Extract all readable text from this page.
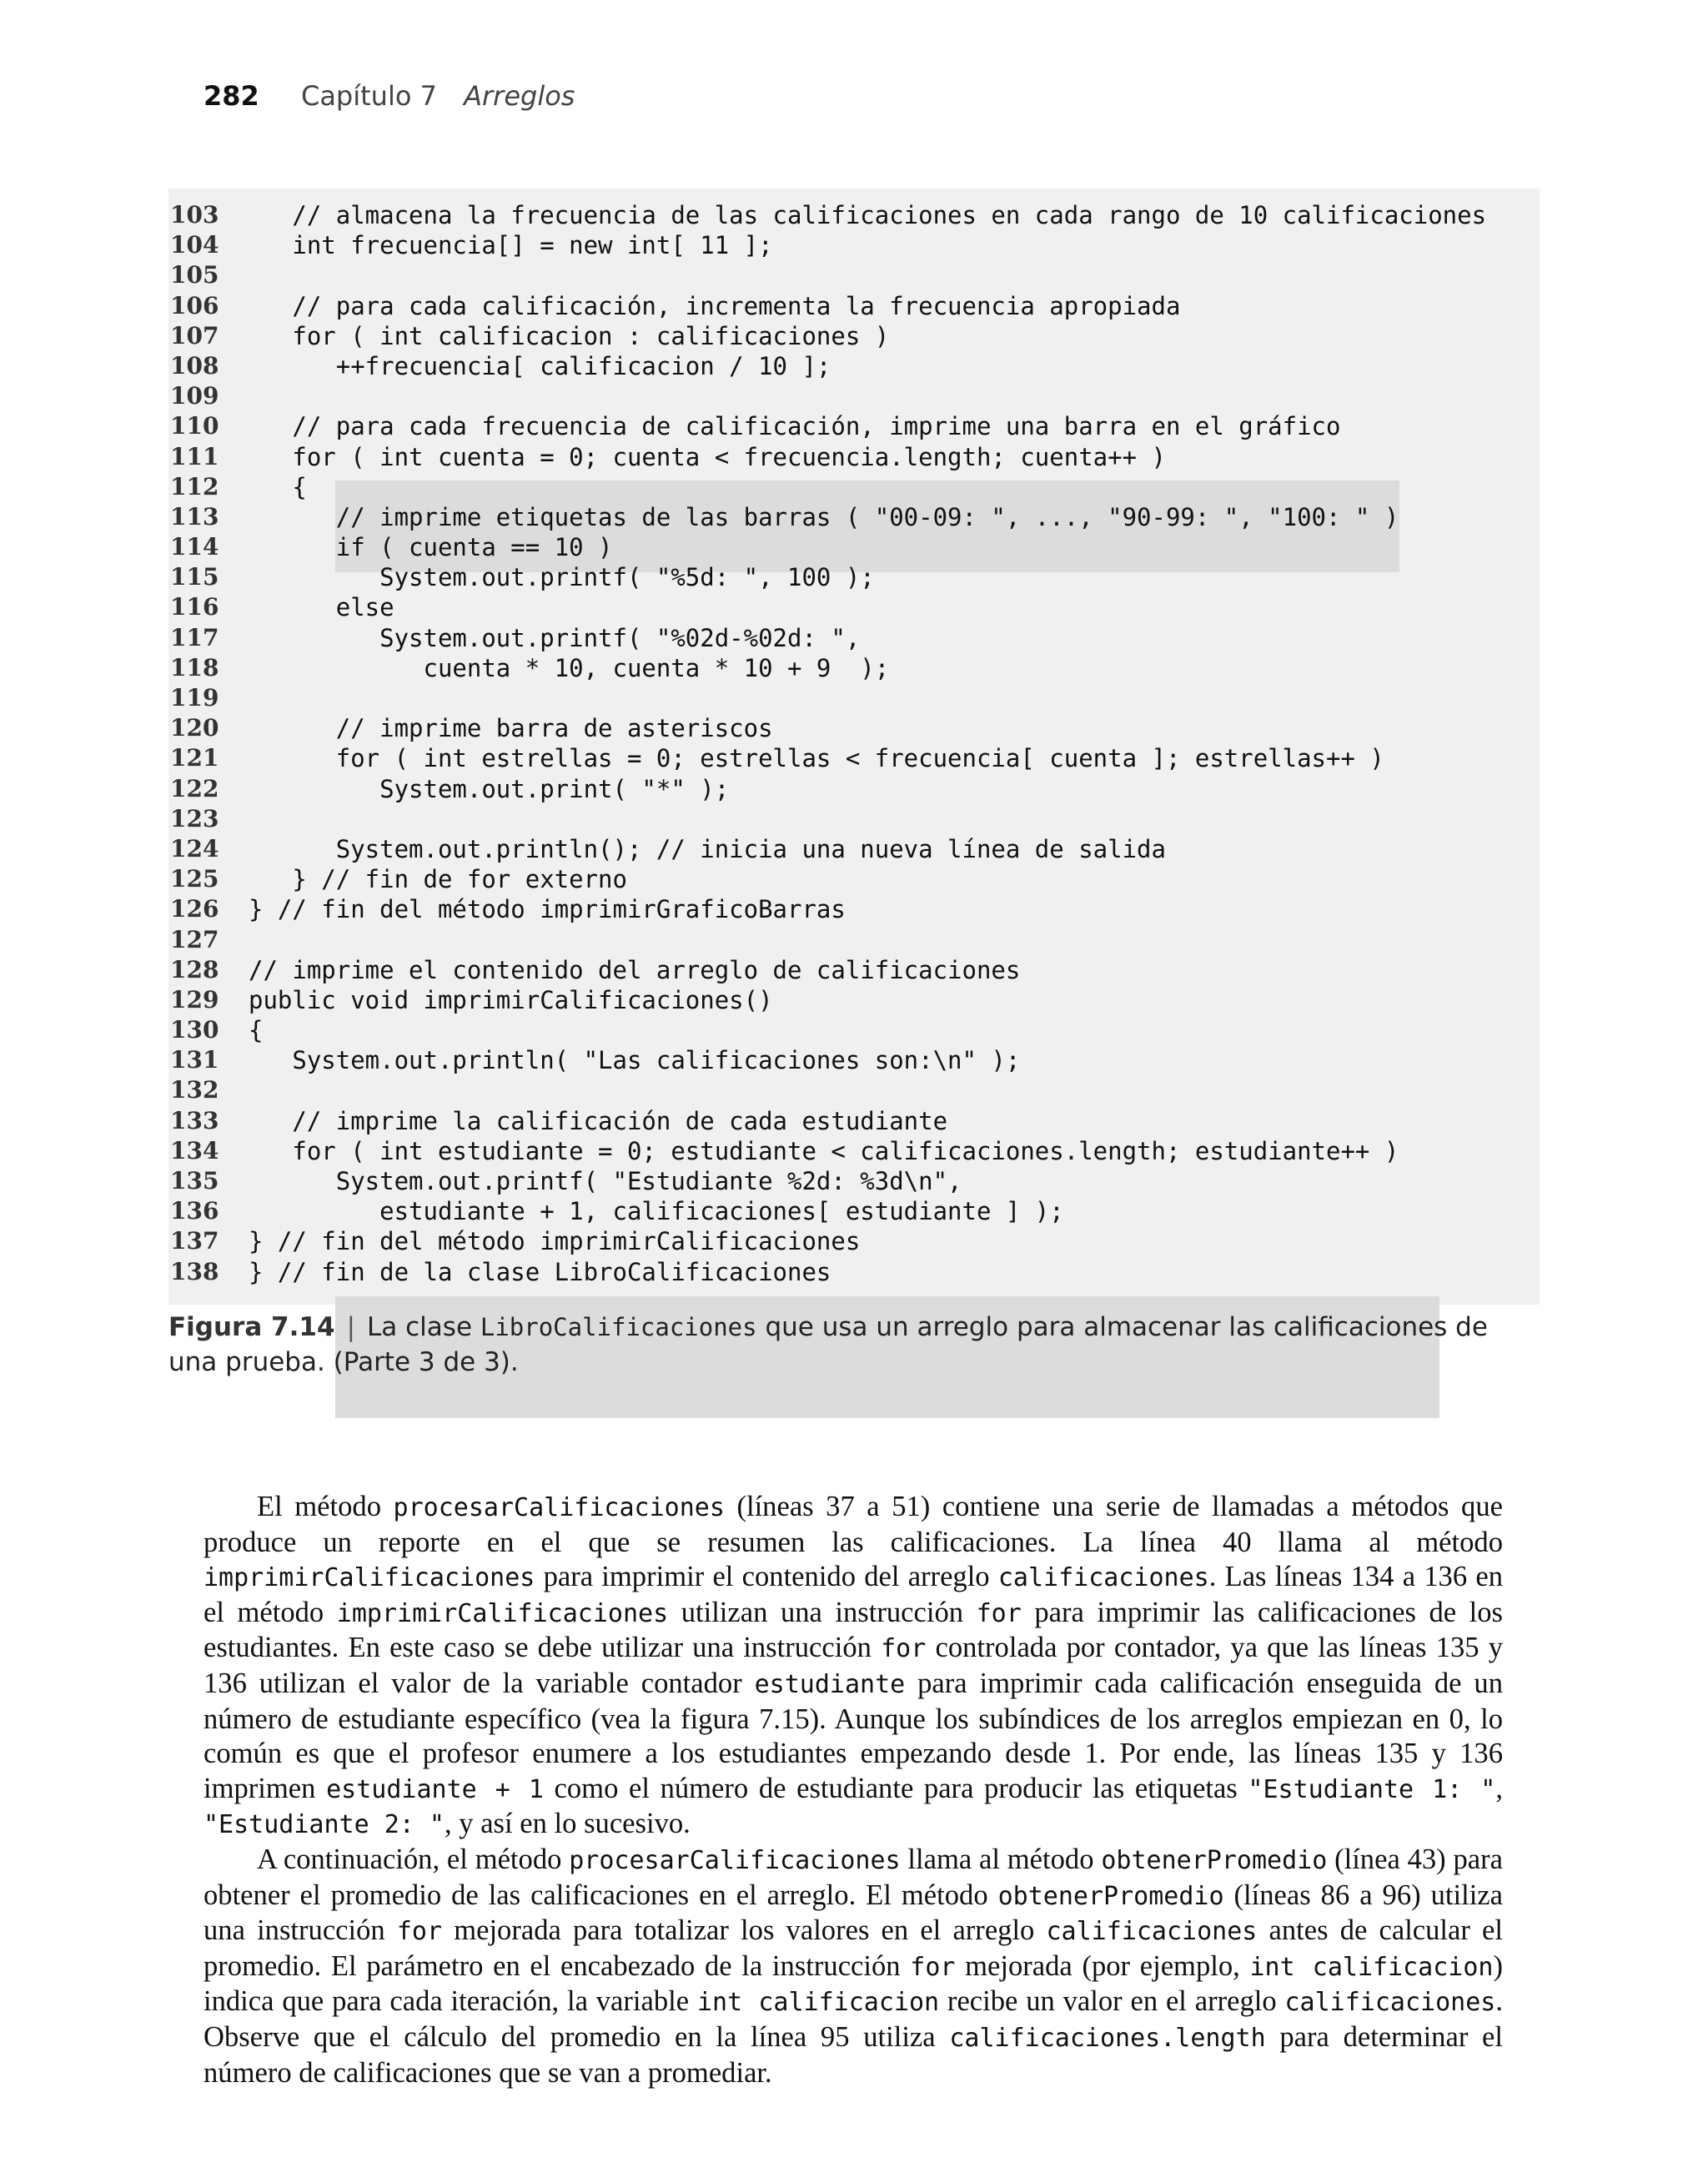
282 Capítulo 7 Arreglos
103 // almacena la frecuencia de las calificaciones en cada rango de 10 calificaciones
104 int frecuencia[] = new int[ 11 ];
105
106 // para cada calificación, incrementa la frecuencia apropiada
107 for ( int calificacion : calificaciones )
108 ++frecuencia[ calificacion / 10 ];
109
110 // para cada frecuencia de calificación, imprime una barra en el gráfico
111 for ( int cuenta = 0; cuenta < frecuencia.length; cuenta++ )
112 {
113 // imprime etiquetas de las barras ( "00-09: ", ..., "90-99: ", "100: " )
114 if ( cuenta == 10 )
115 System.out.printf( "%5d: ", 100 );
116 else
117 System.out.printf( "%02d-%02d: ",
118 cuenta * 10, cuenta * 10 + 9  );
119
120 // imprime barra de asteriscos
121 for ( int estrellas = 0; estrellas < frecuencia[ cuenta ]; estrellas++ )
122 System.out.print( "*" );
123
124 System.out.println(); // inicia una nueva línea de salida
125 } // fin de for externo
126 } // fin del método imprimirGraficoBarras
127
128 // imprime el contenido del arreglo de calificaciones
129 public void imprimirCalificaciones()
130 {
131 System.out.println( "Las calificaciones son:\n" );
132
133 // imprime la calificación de cada estudiante
134 for ( int estudiante = 0; estudiante < calificaciones.length; estudiante++ )
135 System.out.printf( "Estudiante %2d: %3d\n",
136 estudiante + 1, calificaciones[ estudiante ] );
137 } // fin del método imprimirCalificaciones
138 } // fin de la clase LibroCalificaciones
Figura 7.14 | La clase LibroCalificaciones que usa un arreglo para almacenar las calificaciones de una prueba. (Parte 3 de 3).

El método procesarCalificaciones (líneas 37 a 51) contiene una serie de llamadas a métodos que produce un reporte en el que se resumen las calificaciones. La línea 40 llama al método imprimirCalificaciones para imprimir el contenido del arreglo calificaciones. Las líneas 134 a 136 en el método imprimirCalificaciones utilizan una instrucción for para imprimir las calificaciones de los estudiantes. En este caso se debe utilizar una instrucción for controlada por contador, ya que las líneas 135 y 136 utilizan el valor de la variable contador estudiante para imprimir cada calificación enseguida de un número de estudiante específico (vea la figura 7.15). Aunque los subíndices de los arreglos empiezan en 0, lo común es que el profesor enumere a los estudiantes empezando desde 1. Por ende, las líneas 135 y 136 imprimen estudiante + 1 como el número de estudiante para producir las etiquetas "Estudiante 1: ", "Estudiante 2: ", y así en lo sucesivo.

A continuación, el método procesarCalificaciones llama al método obtenerPromedio (línea 43) para obtener el promedio de las calificaciones en el arreglo. El método obtenerPromedio (líneas 86 a 96) utiliza una instrucción for mejorada para totalizar los valores en el arreglo calificaciones antes de calcular el promedio. El parámetro en el encabezado de la instrucción for mejorada (por ejemplo, int calificacion) indica que para cada iteración, la variable int calificacion recibe un valor en el arreglo calificaciones. Observe que el cálculo del promedio en la línea 95 utiliza calificaciones.length para determinar el número de calificaciones que se van a promediar.
